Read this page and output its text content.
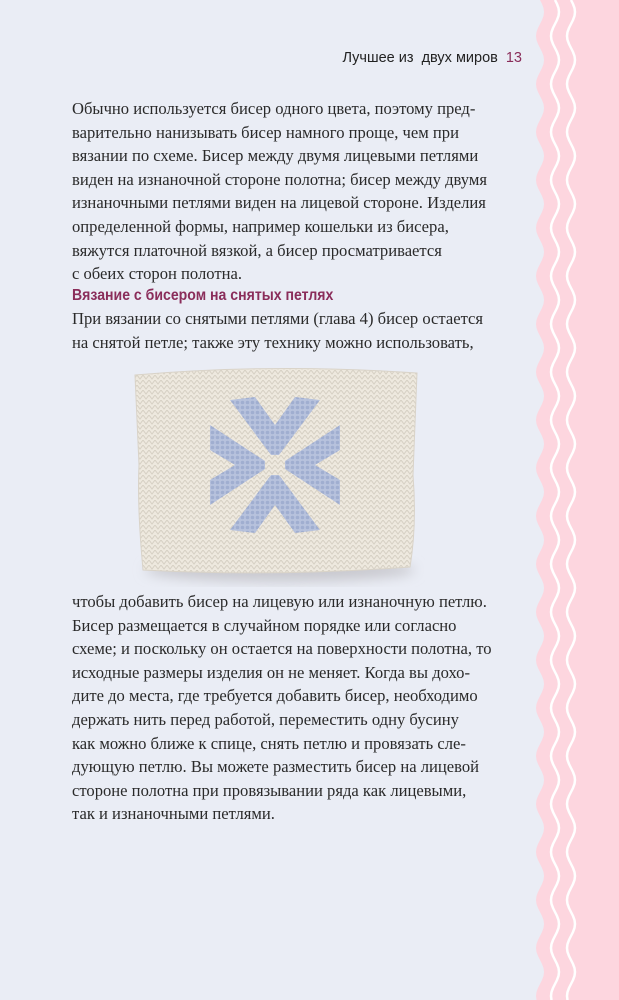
Лучшее из  двух миров 13
Обычно используется бисер одного цвета, поэтому пред-
варительно нанизывать бисер намного проще, чем при
вязании по схеме. Бисер между двумя лицевыми петлями
виден на изнаночной стороне полотна; бисер между двумя
изнаночными петлями виден на лицевой стороне. Изделия
определенной формы, например кошельки из бисера,
вяжутся платочной вязкой, а бисер просматривается
с обеих сторон полотна.
Вязание с бисером на снятых петлях
При вязании со снятыми петлями (глава 4) бисер остается
на снятой петле; также эту технику можно использовать,
чтобы добавить бисер на лицевую или изнаночную петлю.
Бисер размещается в случайном порядке или согласно
схеме; и поскольку он остается на поверхности полотна, то
исходные размеры изделия он не меняет. Когда вы дохо-
дите до места, где требуется добавить бисер, необходимо
держать нить перед работой, переместить одну бусину
как можно ближе к спице, снять петлю и провязать сле-
дующую петлю. Вы можете разместить бисер на лицевой
стороне полотна при провязывании ряда как лицевыми,
так и изнаночными петлями.
